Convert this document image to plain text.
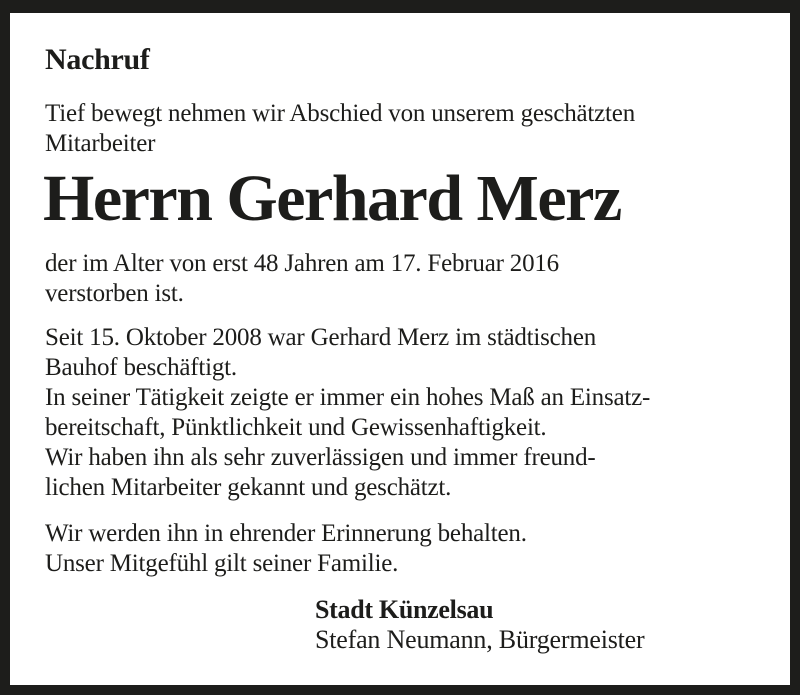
Nachruf
Tief bewegt nehmen wir Abschied von unserem geschätzten
Mitarbeiter
Herrn Gerhard Merz
der im Alter von erst 48 Jahren am 17. Februar 2016
verstorben ist.
Seit 15. Oktober 2008 war Gerhard Merz im städtischen
Bauhof beschäftigt.
In seiner Tätigkeit zeigte er immer ein hohes Maß an Einsatz-
bereitschaft, Pünktlichkeit und Gewissenhaftigkeit.
Wir haben ihn als sehr zuverlässigen und immer freund-
lichen Mitarbeiter gekannt und geschätzt.
Wir werden ihn in ehrender Erinnerung behalten.
Unser Mitgefühl gilt seiner Familie.
Stadt Künzelsau
Stefan Neumann, Bürgermeister
